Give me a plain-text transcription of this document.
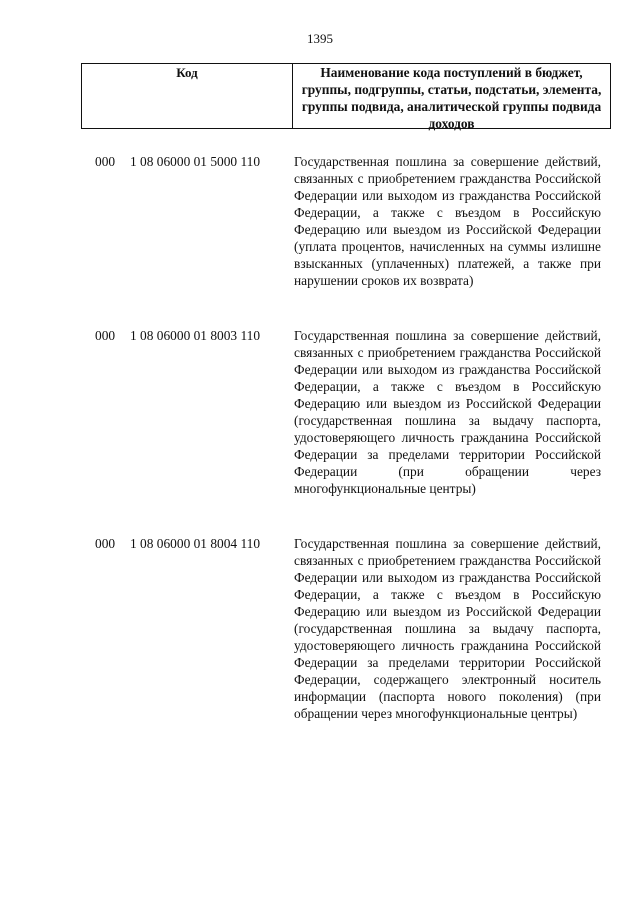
1395
Код	Наименование кода поступлений в бюджет, группы, подгруппы, статьи, подстатьи, элемента, группы подвида, аналитической группы подвида доходов
000 1 08 06000 01 5000 110	Государственная пошлина за совершение действий, связанных с приобретением гражданства Российской Федерации или выходом из гражданства Российской Федерации, а также с въездом в Российскую Федерацию или выездом из Российской Федерации (уплата процентов, начисленных на суммы излишне взысканных (уплаченных) платежей, а также при нарушении сроков их возврата)
000 1 08 06000 01 8003 110	Государственная пошлина за совершение действий, связанных с приобретением гражданства Российской Федерации или выходом из гражданства Российской Федерации, а также с въездом в Российскую Федерацию или выездом из Российской Федерации (государственная пошлина за выдачу паспорта, удостоверяющего личность гражданина Российской Федерации за пределами территории Российской Федерации (при обращении через многофункциональные центры)
000 1 08 06000 01 8004 110	Государственная пошлина за совершение действий, связанных с приобретением гражданства Российской Федерации или выходом из гражданства Российской Федерации, а также с въездом в Российскую Федерацию или выездом из Российской Федерации (государственная пошлина за выдачу паспорта, удостоверяющего личность гражданина Российской Федерации за пределами территории Российской Федерации, содержащего электронный носитель информации (паспорта нового поколения) (при обращении через многофункциональные центры)
